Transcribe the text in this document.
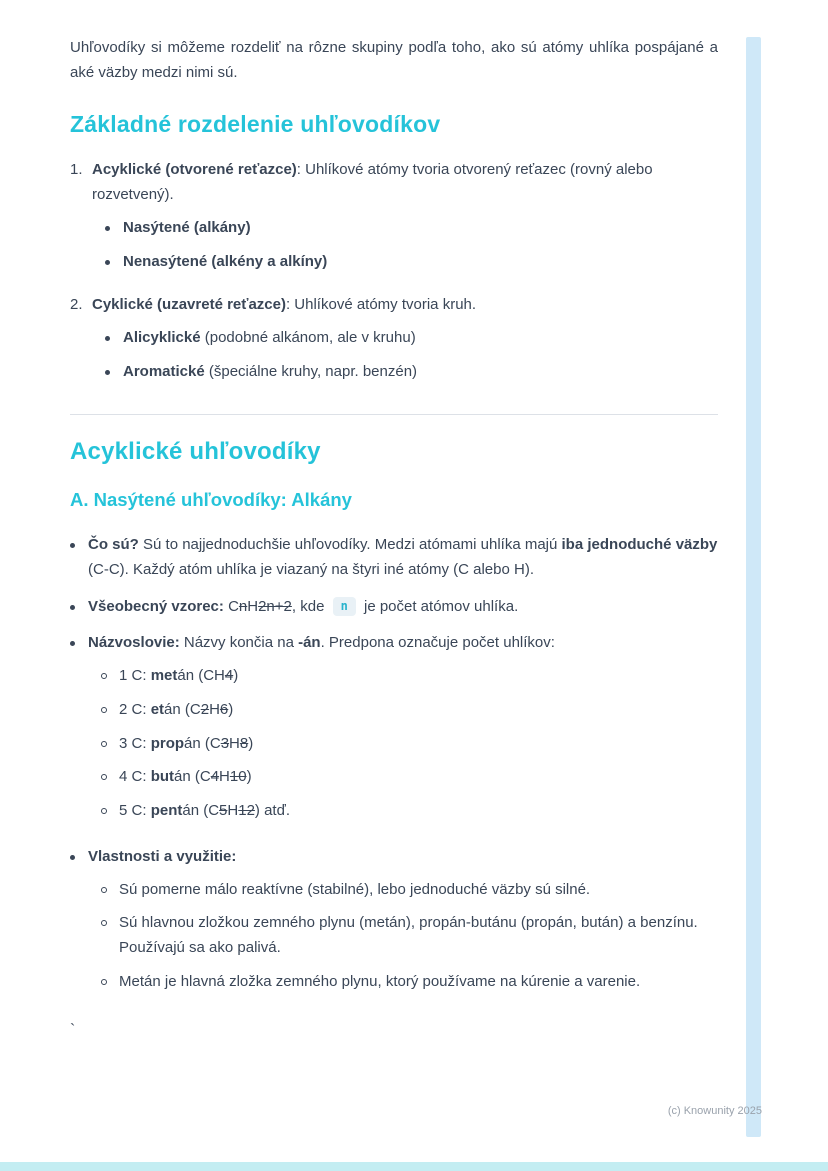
Uhľovodíky si môžeme rozdeliť na rôzne skupiny podľa toho, ako sú atómy uhlíka pospájané a aké väzby medzi nimi sú.

Základné rozdelenie uhľovodíkov
1. Acyklické (otvorené reťazce): Uhlíkové atómy tvoria otvorený reťazec (rovný alebo rozvetvený).

Nasýtené (alkány)

Nenasýtené (alkény a alkíny)

2. Cyklické (uzavreté reťazce): Uhlíkové atómy tvoria kruh.

Alicyklické (podobné alkánom, ale v kruhu)

Aromatické (špeciálne kruhy, napr. benzén)

Acyklické uhľovodíky
A. Nasýtené uhľovodíky: Alkány

Čo sú? Sú to najjednoduchšie uhľovodíky. Medzi atómami uhlíka majú iba jednoduché väzby (C-C). Každý atóm uhlíka je viazaný na štyri iné atómy (C alebo H).

Všeobecný vzorec: CnH2n+2, kde n je počet atómov uhlíka.

Názvoslovie: Názvy končia na -án. Predpona označuje počet uhlíkov:

1 C: metán (CH4)

2 C: etán (C2H6)

3 C: propán (C3H8)

4 C: bután (C4H10)

5 C: pentán (C5H12) atď.

Vlastnosti a využitie:

Sú pomerne málo reaktívne (stabilné), lebo jednoduché väzby sú silné.

Sú hlavnou zložkou zemného plynu (metán), propán-butánu (propán, bután) a benzínu. Používajú sa ako palivá.

Metán je hlavná zložka zemného plynu, ktorý používame na kúrenie a varenie.

`
(c) Knowunity 2025
